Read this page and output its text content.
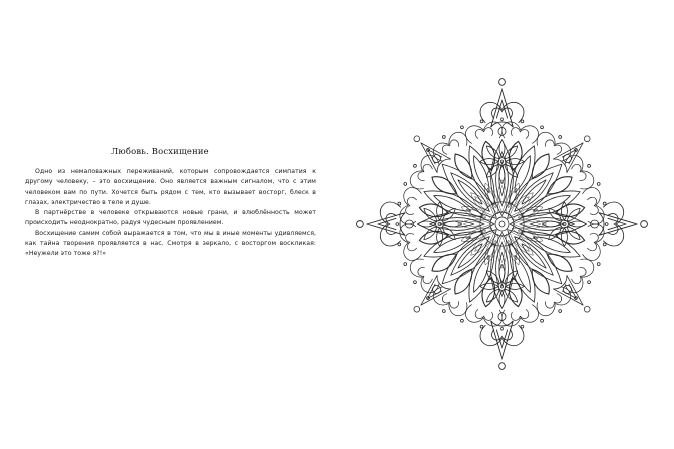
Любовь. Восхищение

Одно из немаловажных переживаний, которым сопровождается симпатия к другому человеку, – это восхищение. Оно является важным сигналом, что с этим человеком вам по пути. Хочется быть рядом с тем, кто вызывает восторг, блеск в глазах, электричество в теле и душе.

В партнёрстве в человеке открываются новые грани, и влюблённость может происходить неоднократно, радуя чудесным проявлением.

Восхищение самим собой выражается в том, что мы в иные моменты удивляемся, как тайна творения проявляется в нас. Смотря в зеркало, с восторгом воскликая: «Неужели это тоже я?!»
